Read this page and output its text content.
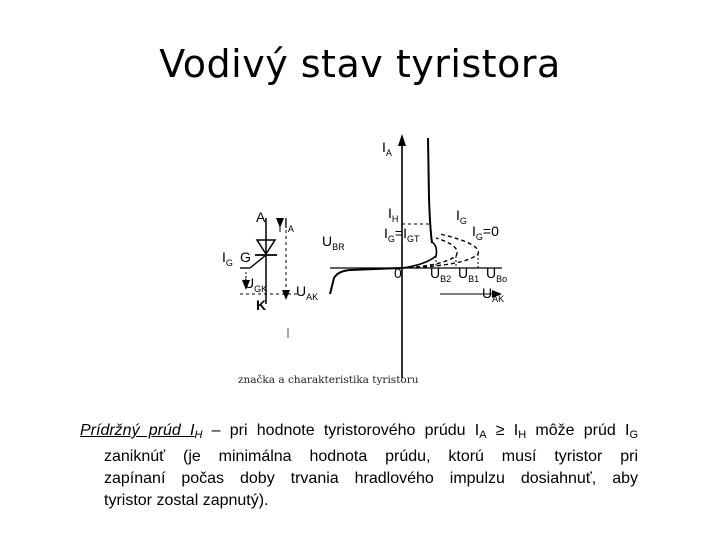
Vodivý stav tyristora
$I_A$
$I_H$	$I_G$
$I_G=I_{GT}$	$I_G=0$
$U_{BR}$
0 $U_{B2}$ $U_{B1}$ $U_{Bo}$
$U_{AK}$
A $I_A$
$I_G$ G
$U_{GK}$ $U_{AK}$
K
značka a charakteristika tyristoru
Prídržný prúd $I_H$ – pri hodnote tyristorového prúdu $I_A \ge I_H$ môže prúd $I_G$
zaniknúť (je minimálna hodnota prúdu, ktorú musí tyristor pri
zapínaní počas doby trvania hradlového impulzu dosiahnuť, aby
tyristor zostal zapnutý).
